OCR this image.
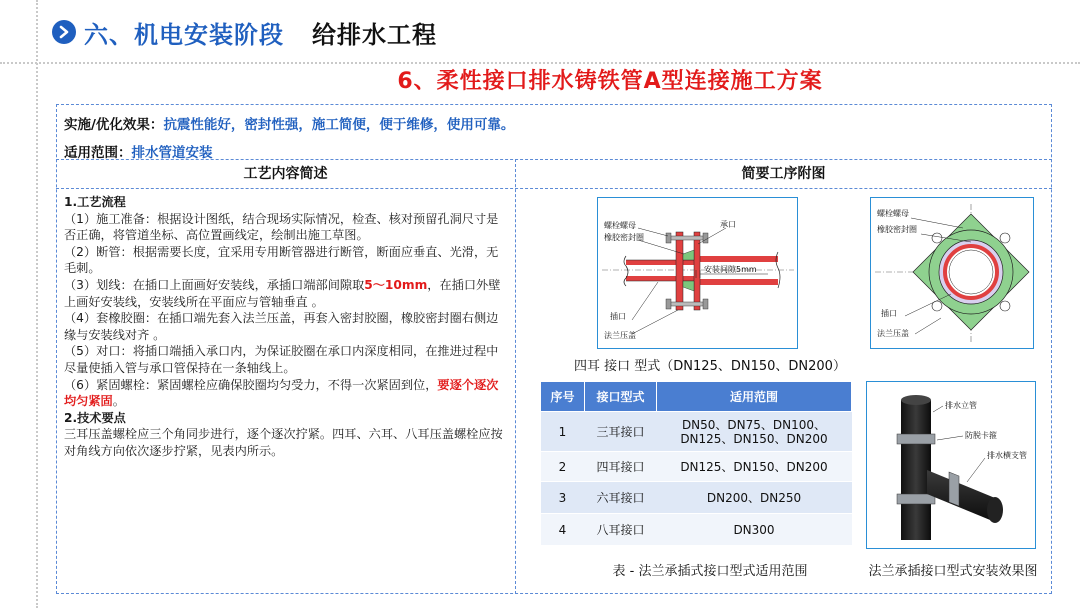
六、机电安装阶段 给排水工程
6、柔性接口排水铸铁管A型连接施工方案
实施/优化效果：抗震性能好，密封性强，施工简便，便于维修，使用可靠。
适用范围：排水管道安装
工艺内容简述	简要工序附图

1.工艺流程

（1）施工准备：根据设计图纸，结合现场实际情况，检查、核对预留孔洞尺寸是否正确，将管道坐标、高位置画线定，绘制出施工草图。

（2）断管：根据需要长度，宜采用专用断管器进行断管，断面应垂直、光滑，无毛刺。

（3）划线：在插口上面画好安装线，承插口端部间隙取5～10mm，在插口外壁上画好安装线，安装线所在平面应与管轴垂直 。

（4）套橡胶圈：在插口端先套入法兰压盖，再套入密封胶圈，橡胶密封圈右侧边缘与安装线对齐 。

（5）对口：将插口端插入承口内，为保证胶圈在承口内深度相同，在推进过程中尽量使插入管与承口管保持在一条轴线上。

（6）紧固螺栓：紧固螺栓应确保胶圈均匀受力，不得一次紧固到位，要逐个逐次均匀紧固。

2.技术要点

三耳压盖螺栓应三个角同步进行，逐个逐次拧紧。四耳、六耳、八耳压盖螺栓应按对角线方向依次逐步拧紧，见表内所示。

螺栓螺母
橡胶密封圈
承口
安装间隙5mm
插口
法兰压盖
螺栓螺母
橡胶密封圈
插口
法兰压盖
四耳 接口 型式（DN125、DN150、DN200）
序号	接口型式	适用范围
1	三耳接口	DN50、DN75、DN100、
DN125、DN150、DN200

2	四耳接口	DN125、DN150、DN200
3	六耳接口	DN200、DN250
4	八耳接口	DN300
表 - 法兰承插式接口型式适用范围
排水立管
防脱卡箍
排水横支管
法兰承插接口型式安装效果图
